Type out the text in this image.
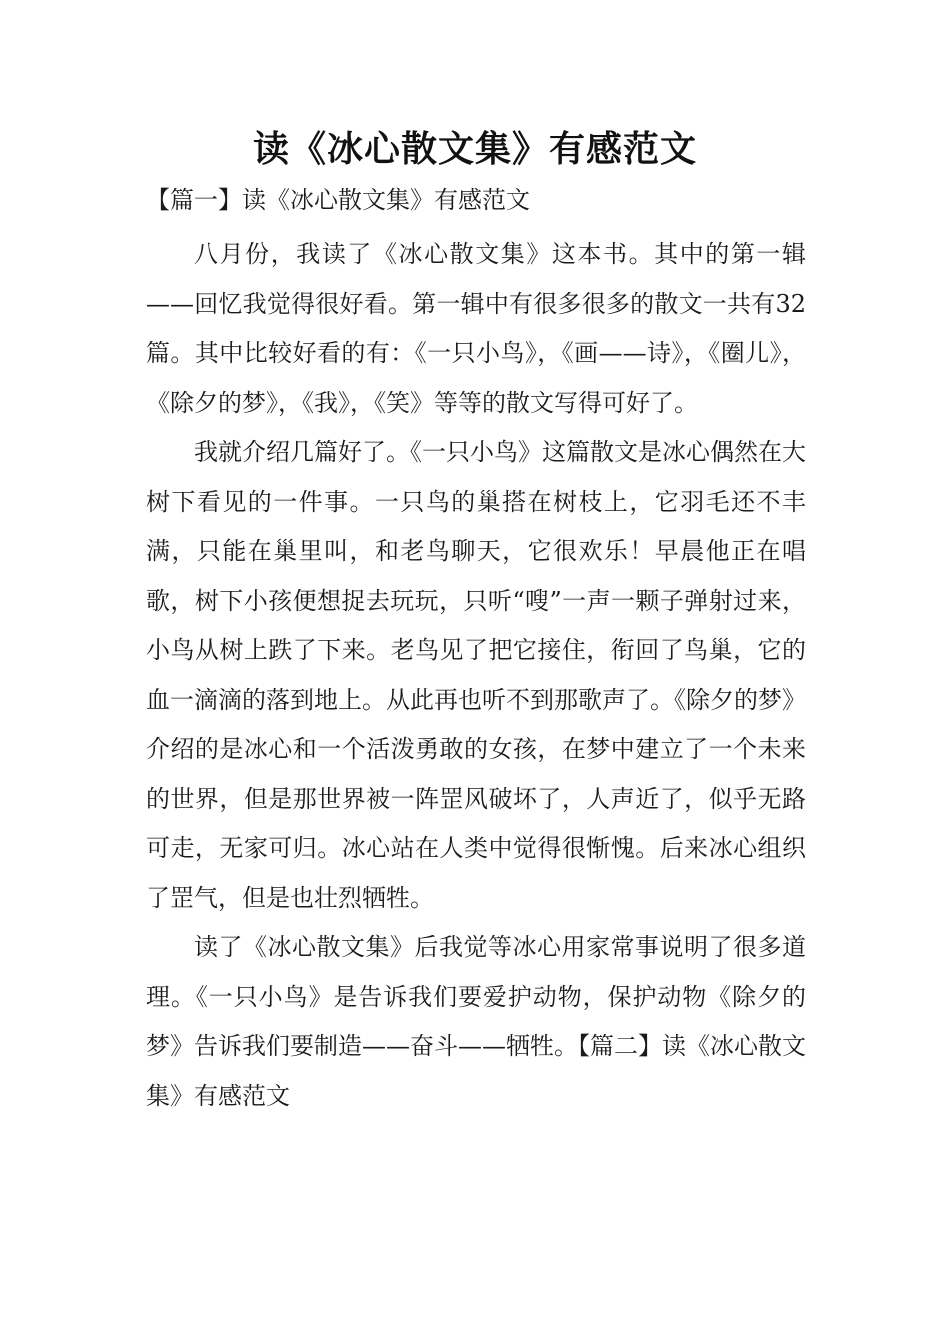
读《冰心散文集》有感范文
【篇一】读《冰心散文集》有感范文

八月份，我读了《冰心散文集》这本书。其中的第一辑——回忆我觉得很好看。第一辑中有很多很多的散文一共有32篇。其中比较好看的有：《一只小鸟》，《画——诗》，《圈儿》，《除夕的梦》，《我》，《笑》等等的散文写得可好了。

我就介绍几篇好了。《一只小鸟》这篇散文是冰心偶然在大树下看见的一件事。一只鸟的巢搭在树枝上，它羽毛还不丰满，只能在巢里叫，和老鸟聊天，它很欢乐！早晨他正在唱歌，树下小孩便想捉去玩玩，只听“嗖”一声一颗子弹射过来，小鸟从树上跌了下来。老鸟见了把它接住，衔回了鸟巢，它的血一滴滴的落到地上。从此再也听不到那歌声了。《除夕的梦》介绍的是冰心和一个活泼勇敢的女孩，在梦中建立了一个未来的世界，但是那世界被一阵罡风破坏了，人声近了，似乎无路可走，无家可归。冰心站在人类中觉得很惭愧。后来冰心组织了罡气，但是也壮烈牺牲。

读了《冰心散文集》后我觉等冰心用家常事说明了很多道理。《一只小鸟》是告诉我们要爱护动物，保护动物《除夕的梦》告诉我们要制造——奋斗——牺牲。【篇二】读《冰心散文集》有感范文
